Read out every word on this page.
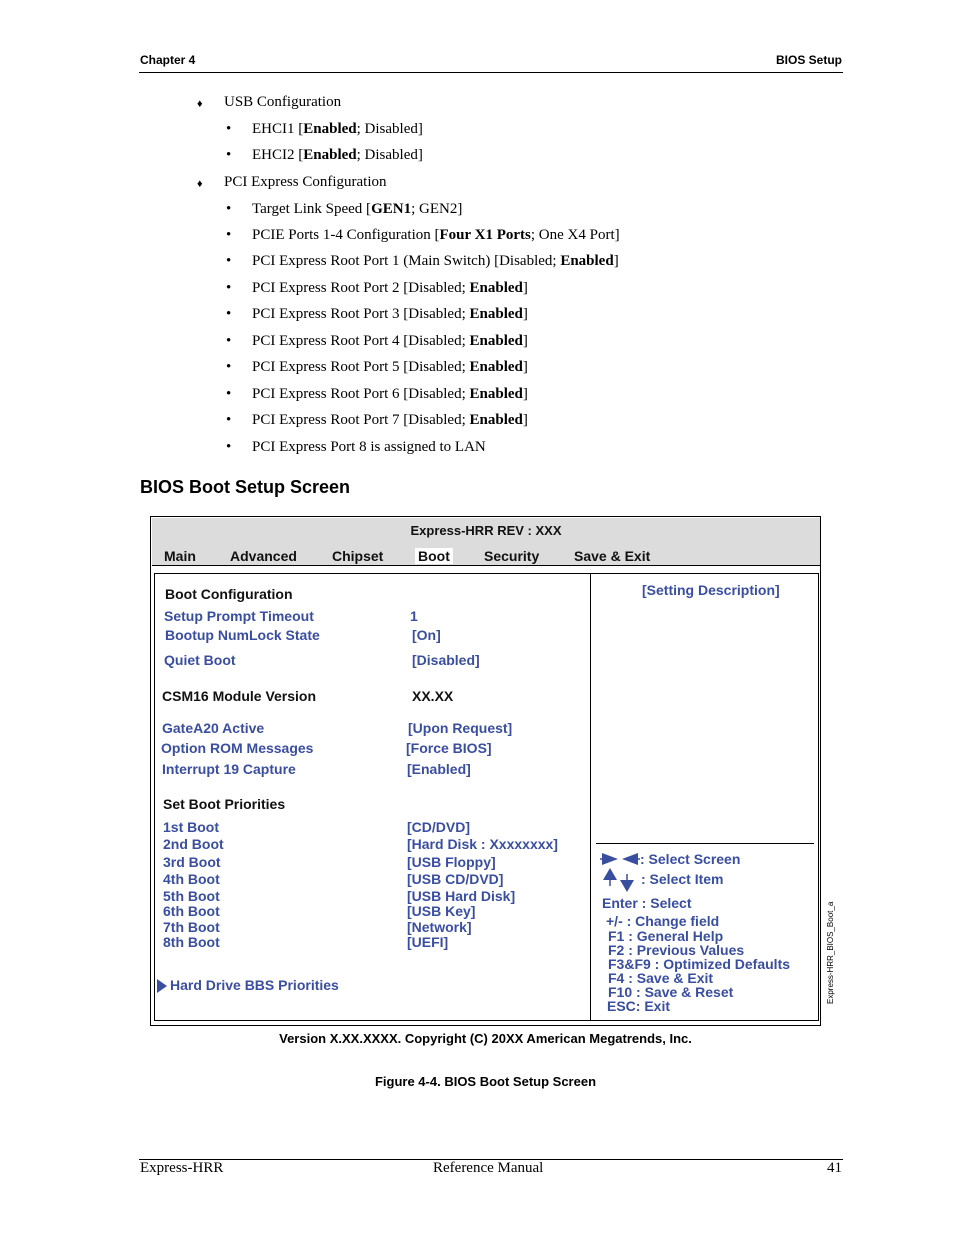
Chapter 4	BIOS Setup
♦ USB Configuration
• EHCI1 [Enabled; Disabled]
• EHCI2 [Enabled; Disabled]
♦ PCI Express Configuration
• Target Link Speed [GEN1; GEN2]
• PCIE Ports 1-4 Configuration [Four X1 Ports; One X4 Port]
• PCI Express Root Port 1 (Main Switch) [Disabled; Enabled]
• PCI Express Root Port 2 [Disabled; Enabled]
• PCI Express Root Port 3 [Disabled; Enabled]
• PCI Express Root Port 4 [Disabled; Enabled]
• PCI Express Root Port 5 [Disabled; Enabled]
• PCI Express Root Port 6 [Disabled; Enabled]
• PCI Express Root Port 7 [Disabled; Enabled]
• PCI Express Port 8 is assigned to LAN
BIOS Boot Setup Screen
Express-HRR REV : XXX
Main Advanced	Chipset Boot Security Save & Exit
Boot Configuration
Setup Prompt Timeout	1
Bootup NumLock State	[On]
Quiet Boot	[Disabled]
CSM16 Module Version	XX.XX
GateA20 Active	[Upon Request]
Option ROM Messages	[Force BIOS]
Interrupt 19 Capture	[Enabled]
Set Boot Priorities
1st Boot	[CD/DVD]
2nd Boot	[Hard Disk : Xxxxxxxx]
3rd Boot	[USB Floppy]
4th Boot	[USB CD/DVD]
5th Boot	[USB Hard Disk]
6th Boot	[USB Key]
7th Boot	[Network]
8th Boot	[UEFI]
Hard Drive BBS Priorities
[Setting Description]
: Select Screen
: Select Item
Enter : Select
+/- : Change field
F1 : General Help
F2 : Previous Values
F3&F9 : Optimized Defaults
F4 : Save & Exit
F10 : Save & Reset
ESC: Exit
Express-HRR_BIOS_Boot_a
Version X.XX.XXXX. Copyright (C) 20XX American Megatrends, Inc.
Figure 4-4. BIOS Boot Setup Screen
Express-HRR	Reference Manual	41
